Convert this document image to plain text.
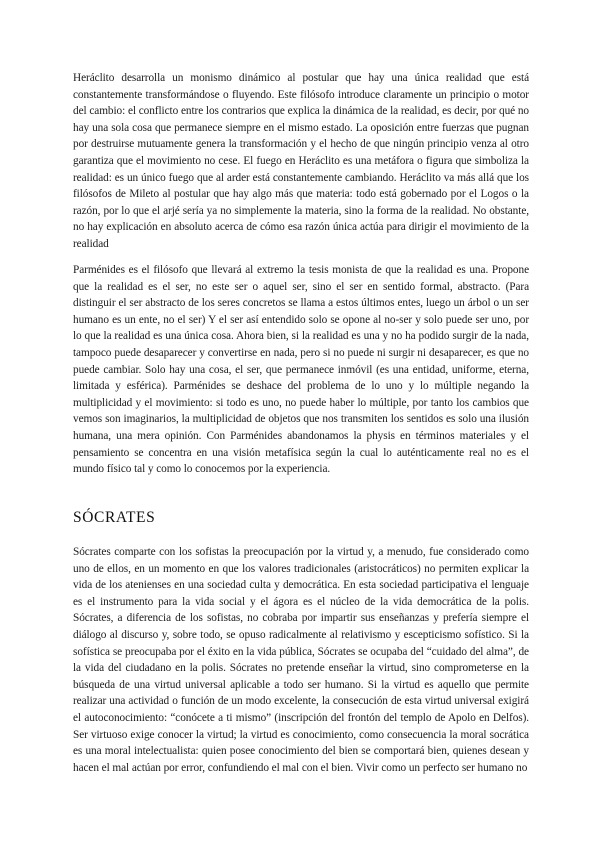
Heráclito desarrolla un monismo dinámico al postular que hay una única realidad que está constantemente transformándose o fluyendo. Este filósofo introduce claramente un principio o motor del cambio: el conflicto entre los contrarios que explica la dinámica de la realidad, es decir, por qué no hay una sola cosa que permanece siempre en el mismo estado. La oposición entre fuerzas que pugnan por destruirse mutuamente genera la transformación y el hecho de que ningún principio venza al otro garantiza que el movimiento no cese. El fuego en Heráclito es una metáfora o figura que simboliza la realidad: es un único fuego que al arder está constantemente cambiando. Heráclito va más allá que los filósofos de Mileto al postular que hay algo más que materia: todo está gobernado por el Logos o la razón, por lo que el arjé sería ya no simplemente la materia, sino la forma de la realidad. No obstante, no hay explicación en absoluto acerca de cómo esa razón única actúa para dirigir el movimiento de la realidad

Parménides es el filósofo que llevará al extremo la tesis monista de que la realidad es una. Propone que la realidad es el ser, no este ser o aquel ser, sino el ser en sentido formal, abstracto. (Para distinguir el ser abstracto de los seres concretos se llama a estos últimos entes, luego un árbol o un ser humano es un ente, no el ser) Y el ser así entendido solo se opone al no-ser y solo puede ser uno, por lo que la realidad es una única cosa. Ahora bien, si la realidad es una y no ha podido surgir de la nada, tampoco puede desaparecer y convertirse en nada, pero si no puede ni surgir ni desaparecer, es que no puede cambiar. Solo hay una cosa, el ser, que permanece inmóvil (es una entidad, uniforme, eterna, limitada y esférica). Parménides se deshace del problema de lo uno y lo múltiple negando la multiplicidad y el movimiento: si todo es uno, no puede haber lo múltiple, por tanto los cambios que vemos son imaginarios, la multiplicidad de objetos que nos transmiten los sentidos es solo una ilusión humana, una mera opinión. Con Parménides abandonamos la physis en términos materiales y el pensamiento se concentra en una visión metafísica según la cual lo auténticamente real no es el mundo físico tal y como lo conocemos por la experiencia.

SÓCRATES

Sócrates comparte con los sofistas la preocupación por la virtud y, a menudo, fue considerado como uno de ellos, en un momento en que los valores tradicionales (aristocráticos) no permiten explicar la vida de los atenienses en una sociedad culta y democrática. En esta sociedad participativa el lenguaje es el instrumento para la vida social y el ágora es el núcleo de la vida democrática de la polis. Sócrates, a diferencia de los sofistas, no cobraba por impartir sus enseñanzas y prefería siempre el diálogo al discurso y, sobre todo, se opuso radicalmente al relativismo y escepticismo sofístico. Si la sofística se preocupaba por el éxito en la vida pública, Sócrates se ocupaba del “cuidado del alma”, de la vida del ciudadano en la polis. Sócrates no pretende enseñar la virtud, sino comprometerse en la búsqueda de una virtud universal aplicable a todo ser humano. Si la virtud es aquello que permite realizar una actividad o función de un modo excelente, la consecución de esta virtud universal exigirá el autoconocimiento: “conócete a ti mismo” (inscripción del frontón del templo de Apolo en Delfos). Ser virtuoso exige conocer la virtud; la virtud es conocimiento, como consecuencia la moral socrática es una moral intelectualista: quien posee conocimiento del bien se comportará bien, quienes desean y hacen el mal actúan por error, confundiendo el mal con el bien. Vivir como un perfecto ser humano no
